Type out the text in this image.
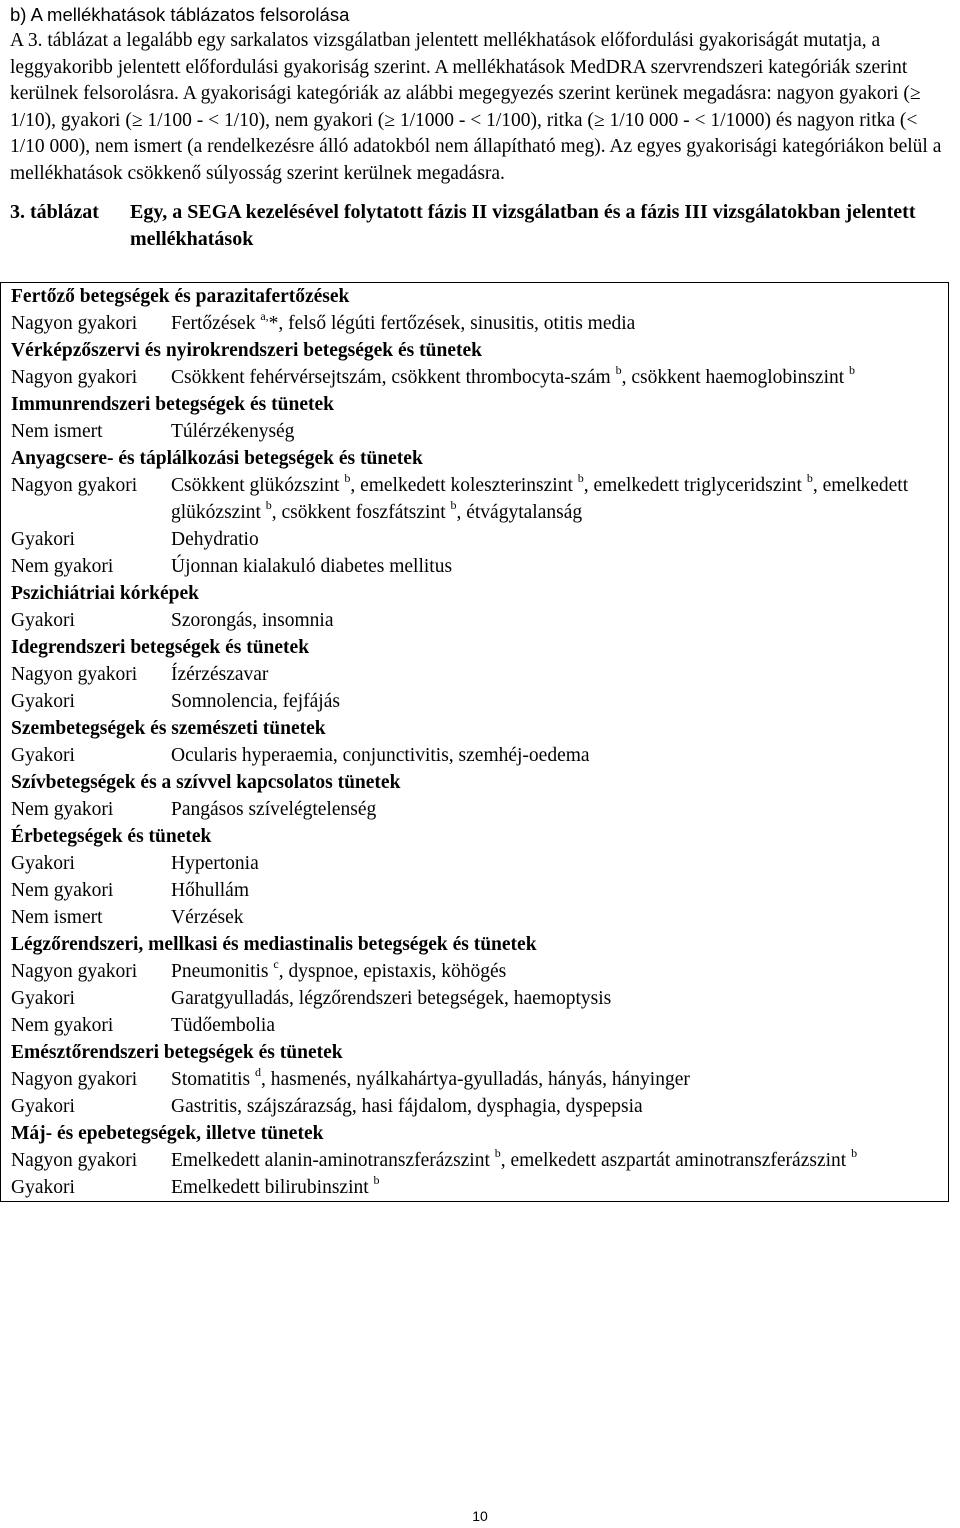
b) A mellékhatások táblázatos felsorolása

A 3. táblázat a legalább egy sarkalatos vizsgálatban jelentett mellékhatások előfordulási gyakoriságát mutatja, a leggyakoribb jelentett előfordulási gyakoriság szerint. A mellékhatások MedDRA szervrendszeri kategóriák szerint kerülnek felsorolásra. A gyakorisági kategóriák az alábbi megegyezés szerint kerünek megadásra: nagyon gyakori (≥ 1/10), gyakori (≥ 1/100 - < 1/10), nem gyakori (≥ 1/1000 - < 1/100), ritka (≥ 1/10 000 - < 1/1000) és nagyon ritka (< 1/10 000), nem ismert (a rendelkezésre álló adatokból nem állapítható meg). Az egyes gyakorisági kategóriákon belül a mellékhatások csökkenő súlyosság szerint kerülnek megadásra.

3. táblázat	Egy, a SEGA kezelésével folytatott fázis II vizsgálatban és a fázis III vizsgálatokban jelentett mellékhatások
Fertőző betegségek és parazitafertőzések	
Nagyon gyakori	Fertőzések $^{a,}$*, felső légúti fertőzések, sinusitis, otitis media
Vérképzőszervi és nyirokrendszeri betegségek és tünetek	
Nagyon gyakori	Csökkent fehérvérsejtszám, csökkent thrombocyta-szám $^b$, csökkent haemoglobinszint $^b$
Immunrendszeri betegségek és tünetek	
Nem ismert	Túlérzékenység
Anyagcsere- és táplálkozási betegségek és tünetek	
Nagyon gyakori	Csökkent glükózszint $^b$, emelkedett koleszterinszint $^b$, emelkedett triglyceridszint $^b$, emelkedett glükózszint $^b$, csökkent foszfátszint $^b$, étvágytalanság
Gyakori	Dehydratio
Nem gyakori	Újonnan kialakuló diabetes mellitus
Pszichiátriai kórképek	
Gyakori	Szorongás, insomnia
Idegrendszeri betegségek és tünetek	
Nagyon gyakori	Ízérzészavar
Gyakori	Somnolencia, fejfájás
Szembetegségek és szemészeti tünetek	
Gyakori	Ocularis hyperaemia, conjunctivitis, szemhéj-oedema
Szívbetegségek és a szívvel kapcsolatos tünetek	
Nem gyakori	Pangásos szívelégtelenség
Érbetegségek és tünetek	
Gyakori	Hypertonia
Nem gyakori	Hőhullám
Nem ismert	Vérzések
Légzőrendszeri, mellkasi és mediastinalis betegségek és tünetek	
Nagyon gyakori	Pneumonitis $^c$, dyspnoe, epistaxis, köhögés
Gyakori	Garatgyulladás, légzőrendszeri betegségek, haemoptysis
Nem gyakori	Tüdőembolia
Emésztőrendszeri betegségek és tünetek	
Nagyon gyakori	Stomatitis $^d$, hasmenés, nyálkahártya-gyulladás, hányás, hányinger
Gyakori	Gastritis, szájszárazság, hasi fájdalom, dysphagia, dyspepsia
Máj- és epebetegségek, illetve tünetek	
Nagyon gyakori	Emelkedett alanin-aminotranszferázszint $^b$, emelkedett aszpartát aminotranszferázszint $^b$
Gyakori	Emelkedett bilirubinszint $^b$
10
